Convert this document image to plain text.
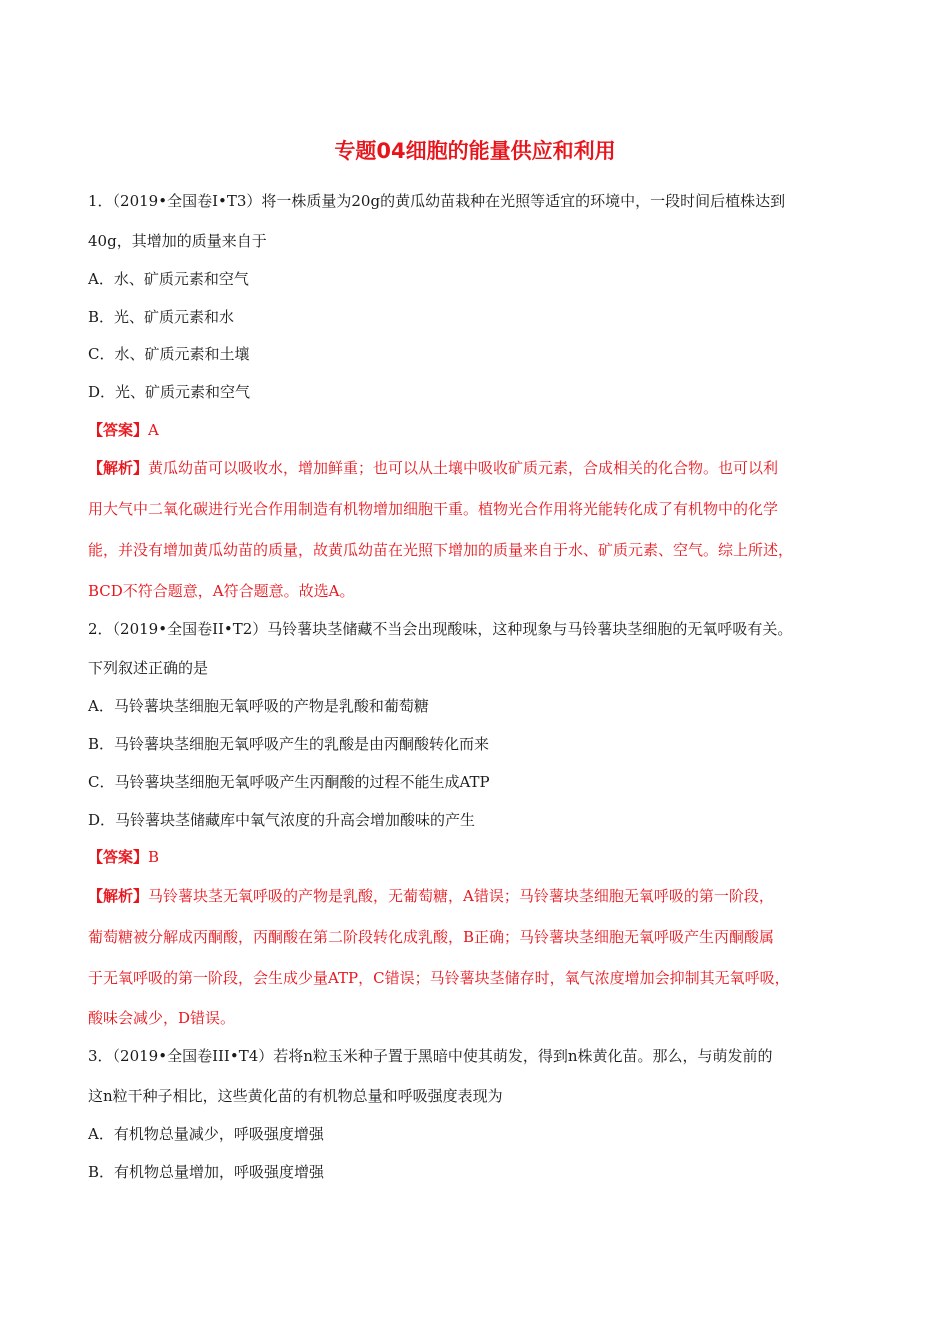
专题04细胞的能量供应和利用
1．（2019•全国卷Ⅰ•T3）将一株质量为20g的黄瓜幼苗栽种在光照等适宜的环境中，一段时间后植株达到
40g，其增加的质量来自于
A．水、矿质元素和空气
B．光、矿质元素和水
C．水、矿质元素和土壤
D．光、矿质元素和空气
【答案】A
【解析】黄瓜幼苗可以吸收水，增加鲜重；也可以从土壤中吸收矿质元素，合成相关的化合物。也可以利
用大气中二氧化碳进行光合作用制造有机物增加细胞干重。植物光合作用将光能转化成了有机物中的化学
能，并没有增加黄瓜幼苗的质量，故黄瓜幼苗在光照下增加的质量来自于水、矿质元素、空气。综上所述，
BCD不符合题意，A符合题意。故选A。
2．（2019•全国卷II•T2）马铃薯块茎储藏不当会出现酸味，这种现象与马铃薯块茎细胞的无氧呼吸有关。
下列叙述正确的是
A．马铃薯块茎细胞无氧呼吸的产物是乳酸和葡萄糖
B．马铃薯块茎细胞无氧呼吸产生的乳酸是由丙酮酸转化而来
C．马铃薯块茎细胞无氧呼吸产生丙酮酸的过程不能生成ATP
D．马铃薯块茎储藏库中氧气浓度的升高会增加酸味的产生
【答案】B
【解析】马铃薯块茎无氧呼吸的产物是乳酸，无葡萄糖，A错误；马铃薯块茎细胞无氧呼吸的第一阶段，
葡萄糖被分解成丙酮酸，丙酮酸在第二阶段转化成乳酸，B正确；马铃薯块茎细胞无氧呼吸产生丙酮酸属
于无氧呼吸的第一阶段，会生成少量ATP，C错误；马铃薯块茎储存时，氧气浓度增加会抑制其无氧呼吸，
酸味会减少，D错误。
3．（2019•全国卷III•T4）若将n粒玉米种子置于黑暗中使其萌发，得到n株黄化苗。那么，与萌发前的
这n粒干种子相比，这些黄化苗的有机物总量和呼吸强度表现为
A．有机物总量减少，呼吸强度增强
B．有机物总量增加，呼吸强度增强
